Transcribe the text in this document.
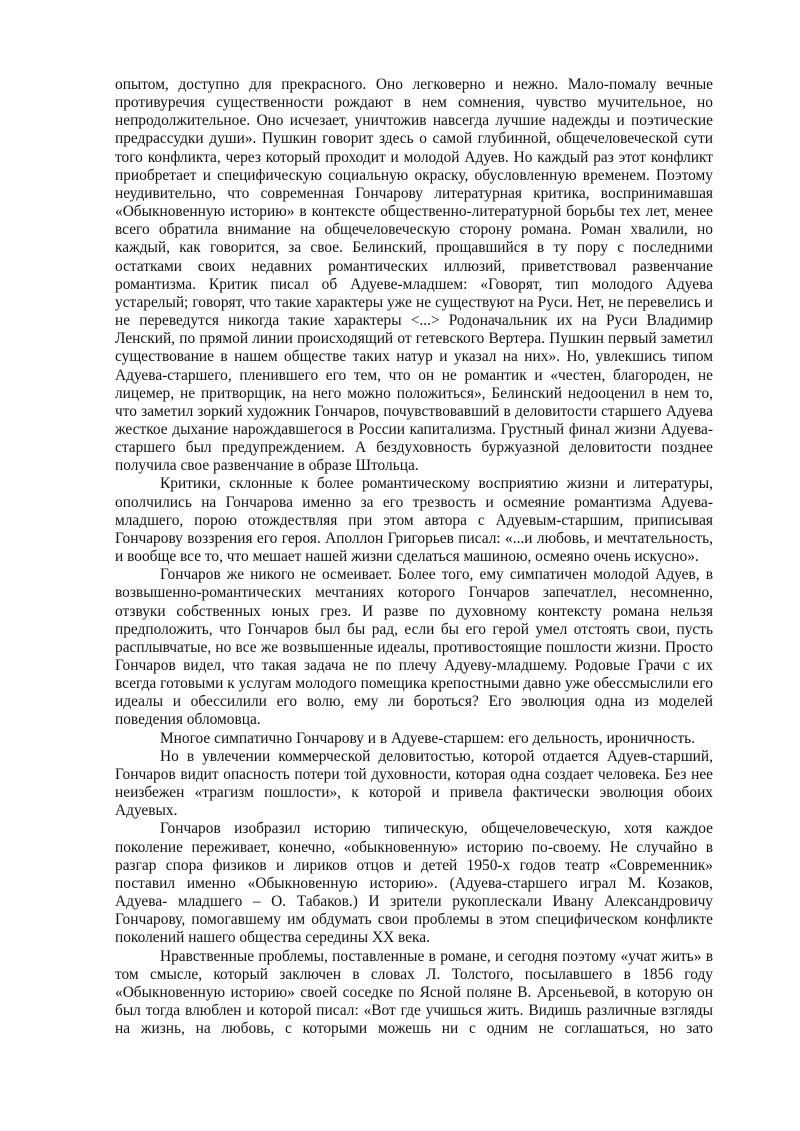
опытом, доступно для прекрасного. Оно легковерно и нежно. Мало-помалу вечные противуречия существенности рождают в нем сомнения, чувство мучительное, но непродолжительное. Оно исчезает, уничтожив навсегда лучшие надежды и поэтические предрассудки души». Пушкин говорит здесь о самой глубинной, общечеловеческой сути того конфликта, через который проходит и молодой Адуев. Но каждый раз этот конфликт приобретает и специфическую социальную окраску, обусловленную временем. Поэтому неудивительно, что современная Гончарову литературная критика, воспринимавшая «Обыкновенную историю» в контексте общественно-литературной борьбы тех лет, менее всего обратила внимание на общечеловеческую сторону романа. Роман хвалили, но каждый, как говорится, за свое. Белинский, прощавшийся в ту пору с последними остатками своих недавних романтических иллюзий, приветствовал развенчание романтизма. Критик писал об Адуеве-младшем: «Говорят, тип молодого Адуева устарелый; говорят, что такие характеры уже не существуют на Руси. Нет, не перевелись и не переведутся никогда такие характеры <...> Родоначальник их на Руси Владимир Ленский, по прямой линии происходящий от гетевского Вертера. Пушкин первый заметил существование в нашем обществе таких натур и указал на них». Но, увлекшись типом Адуева-старшего, пленившего его тем, что он не романтик и «честен, благороден, не лицемер, не притворщик, на него можно положиться», Белинский недооценил в нем то, что заметил зоркий художник Гончаров, почувствовавший в деловитости старшего Адуева жесткое дыхание нарождавшегося в России капитализма. Грустный финал жизни Адуева-старшего был предупреждением. А бездуховность буржуазной деловитости позднее получила свое развенчание в образе Штольца.

Критики, склонные к более романтическому восприятию жизни и литературы, ополчились на Гончарова именно за его трезвость и осмеяние романтизма Адуева-младшего, порою отождествляя при этом автора с Адуевым-старшим, приписывая Гончарову воззрения его героя. Аполлон Григорьев писал: «...и любовь, и мечтательность, и вообще все то, что мешает нашей жизни сделаться машиною, осмеяно очень искусно».

Гончаров же никого не осмеивает. Более того, ему симпатичен молодой Адуев, в возвышенно-романтических мечтаниях которого Гончаров запечатлел, несомненно, отзвуки собственных юных грез. И разве по духовному контексту романа нельзя предположить, что Гончаров был бы рад, если бы его герой умел отстоять свои, пусть расплывчатые, но все же возвышенные идеалы, противостоящие пошлости жизни. Просто Гончаров видел, что такая задача не по плечу Адуеву-младшему. Родовые Грачи с их всегда готовыми к услугам молодого помещика крепостными давно уже обессмыслили его идеалы и обессилили его волю, ему ли бороться? Его эволюция одна из моделей поведения обломовца.

Многое симпатично Гончарову и в Адуеве-старшем: его дельность, ироничность.

Но в увлечении коммерческой деловитостью, которой отдается Адуев-старший, Гончаров видит опасность потери той духовности, которая одна создает человека. Без нее неизбежен «трагизм пошлости», к которой и привела фактически эволюция обоих Адуевых.

Гончаров изобразил историю типическую, общечеловеческую, хотя каждое поколение переживает, конечно, «обыкновенную» историю по-своему. Не случайно в разгар спора физиков и лириков отцов и детей 1950-х годов театр «Современник» поставил именно «Обыкновенную историю». (Адуева-старшего играл М. Козаков, Адуева- младшего – О. Табаков.) И зрители рукоплескали Ивану Александровичу Гончарову, помогавшему им обдумать свои проблемы в этом специфическом конфликте поколений нашего общества середины XX века.

Нравственные проблемы, поставленные в романе, и сегодня поэтому «учат жить» в том смысле, который заключен в словах Л. Толстого, посылавшего в 1856 году «Обыкновенную историю» своей соседке по Ясной поляне В. Арсеньевой, в которую он был тогда влюблен и которой писал: «Вот где учишься жить. Видишь различные взгляды на жизнь, на любовь, с которыми можешь ни с одним не соглашаться, но зато
